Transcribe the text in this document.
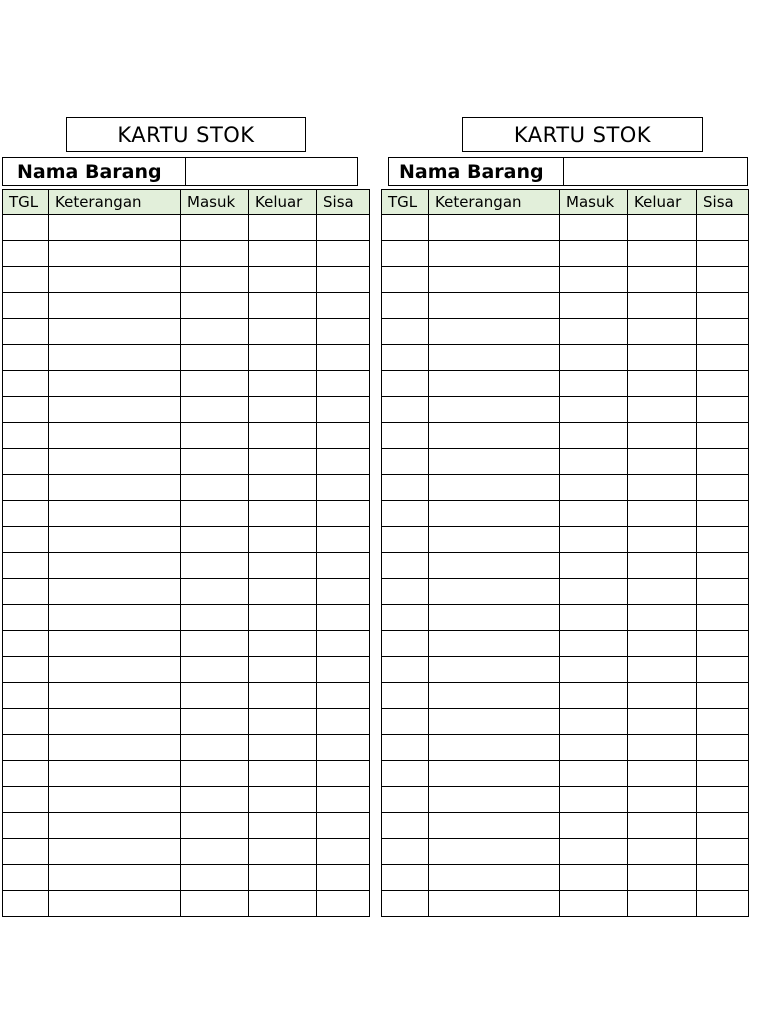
KARTU STOK
Nama Barang
TGL	Keterangan	Masuk	Keluar	Sisa

KARTU STOK
Nama Barang
TGL	Keterangan	Masuk	Keluar	Sisa
